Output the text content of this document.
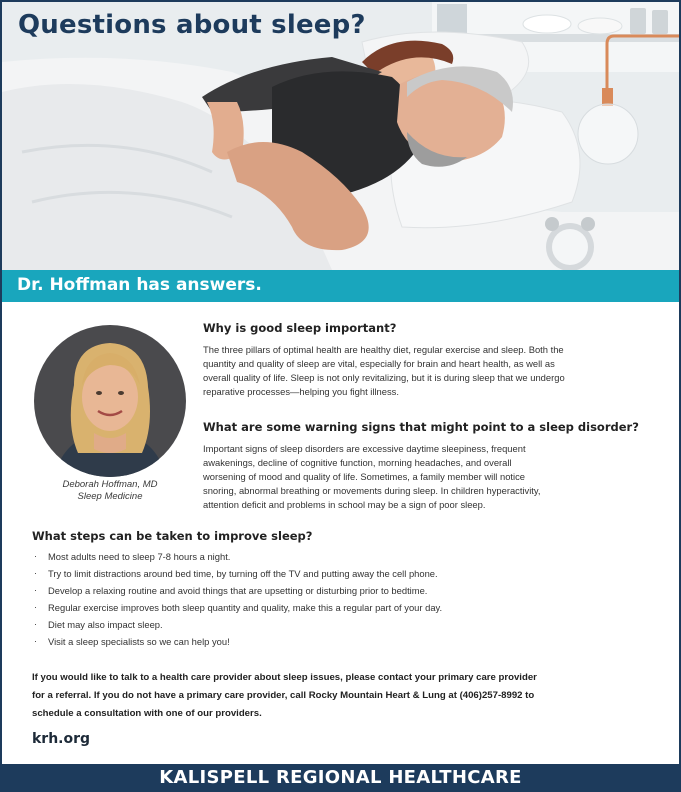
Questions about sleep?
Dr. Hoffman has answers.
Deborah Hoffman, MD
Sleep Medicine
Why is good sleep important?
The three pillars of optimal health are healthy diet, regular exercise and sleep. Both the
quantity and quality of sleep are vital, especially for brain and heart health, as well as
overall quality of life. Sleep is not only revitalizing, but it is during sleep that we undergo
reparative processes—helping you fight illness.
What are some warning signs that might point to a sleep disorder?
Important signs of sleep disorders are excessive daytime sleepiness, frequent
awakenings, decline of cognitive function, morning headaches, and overall
worsening of mood and quality of life. Sometimes, a family member will notice
snoring, abnormal breathing or movements during sleep. In children hyperactivity,
attention deficit and problems in school may be a sign of poor sleep.
What steps can be taken to improve sleep?
· Most adults need to sleep 7-8 hours a night.
· Try to limit distractions around bed time, by turning off the TV and putting away the cell phone.
· Develop a relaxing routine and avoid things that are upsetting or disturbing prior to bedtime.
· Regular exercise improves both sleep quantity and quality, make this a regular part of your day.
· Diet may also impact sleep.
· Visit a sleep specialists so we can help you!
If you would like to talk to a health care provider about sleep issues, please contact your primary care provider
for a referral. If you do not have a primary care provider, call Rocky Mountain Heart & Lung at (406)257-8992 to
schedule a consultation with one of our providers.
krh.org
KALISPELL REGIONAL HEALTHCARE
